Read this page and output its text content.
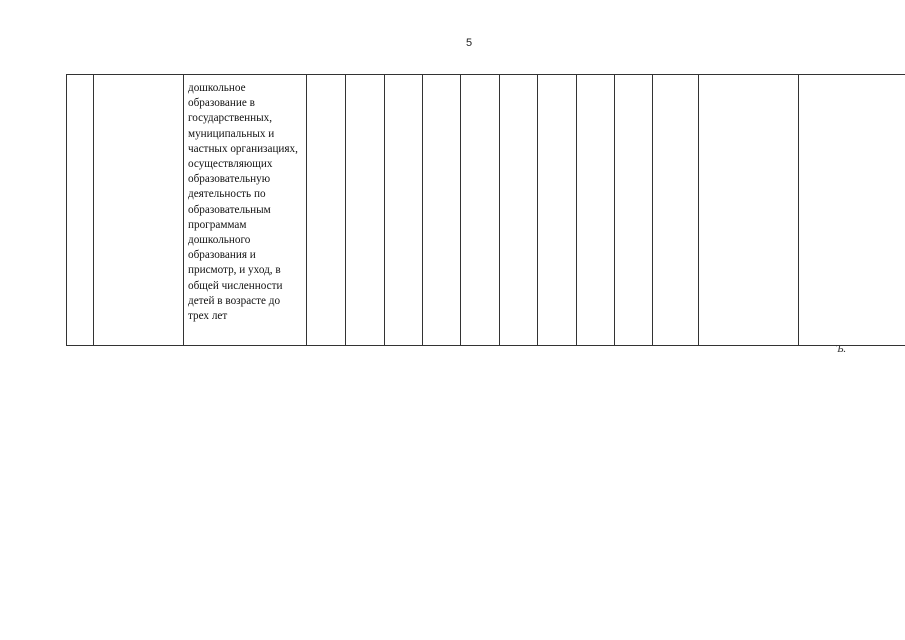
5
		дошкольное образование в государственных, муниципальных и частных организациях, осуществляющих образовательную деятельность по образовательным программам дошкольного образования и присмотр, и уход, в общей численности детей в возрасте до трех лет												
Ъ.
